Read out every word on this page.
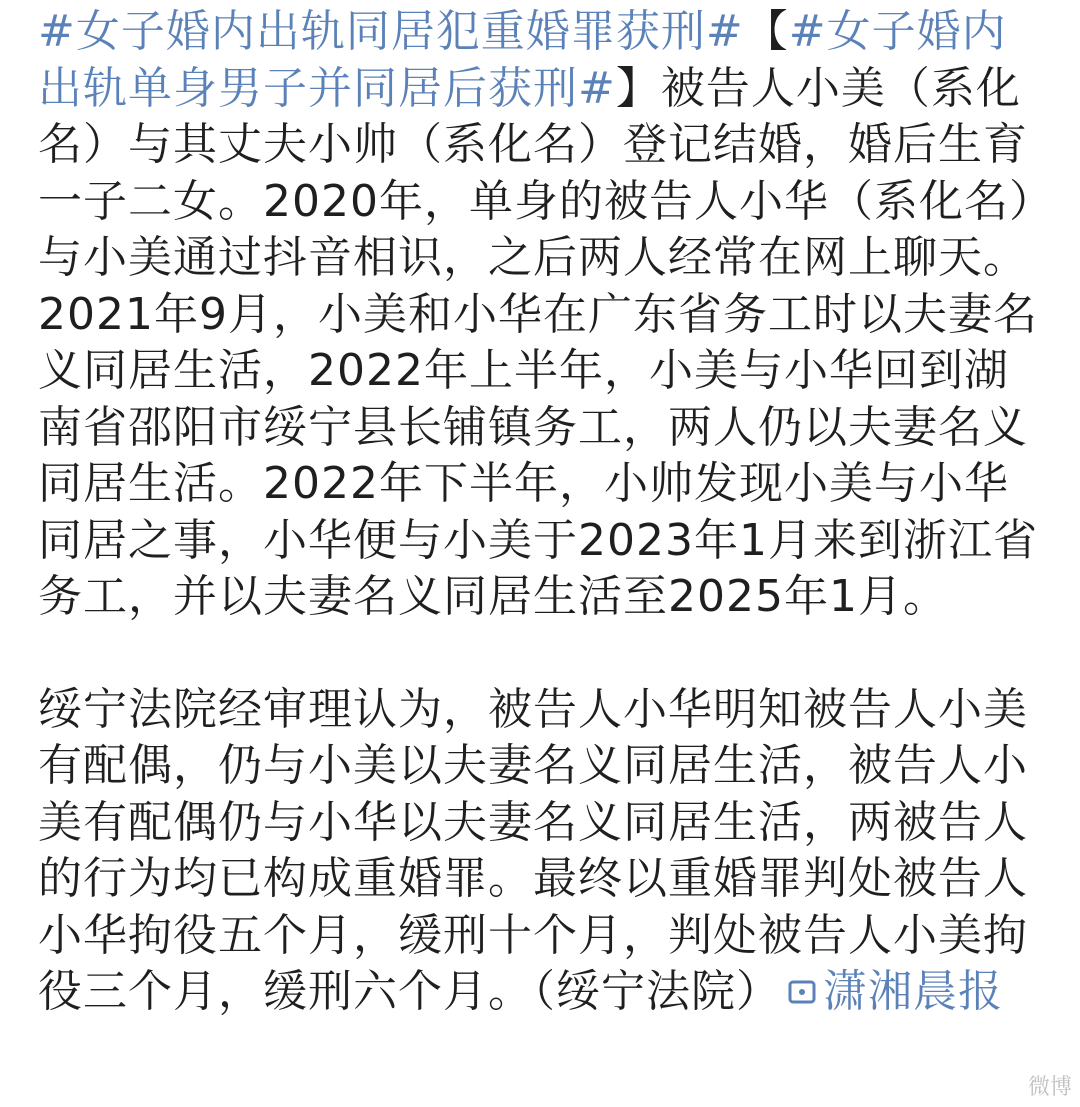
#女子婚内出轨同居犯重婚罪获刑#【#女子婚内出轨单身男子并同居后获刑#】被告人小美（系化名）与其丈夫小帅（系化名）登记结婚，婚后生育一子二女。2020年，单身的被告人小华（系化名）与小美通过抖音相识，之后两人经常在网上聊天。2021年9月，小美和小华在广东省务工时以夫妻名义同居生活，2022年上半年，小美与小华回到湖南省邵阳市绥宁县长铺镇务工，两人仍以夫妻名义同居生活。2022年下半年，小帅发现小美与小华同居之事，小华便与小美于2023年1月来到浙江省务工，并以夫妻名义同居生活至2025年1月。

绥宁法院经审理认为，被告人小华明知被告人小美有配偶，仍与小美以夫妻名义同居生活，被告人小美有配偶仍与小华以夫妻名义同居生活，两被告人的行为均已构成重婚罪。最终以重婚罪判处被告人小华拘役五个月，缓刑十个月，判处被告人小美拘役三个月，缓刑六个月。（绥宁法院） 潇湘晨报

微博
